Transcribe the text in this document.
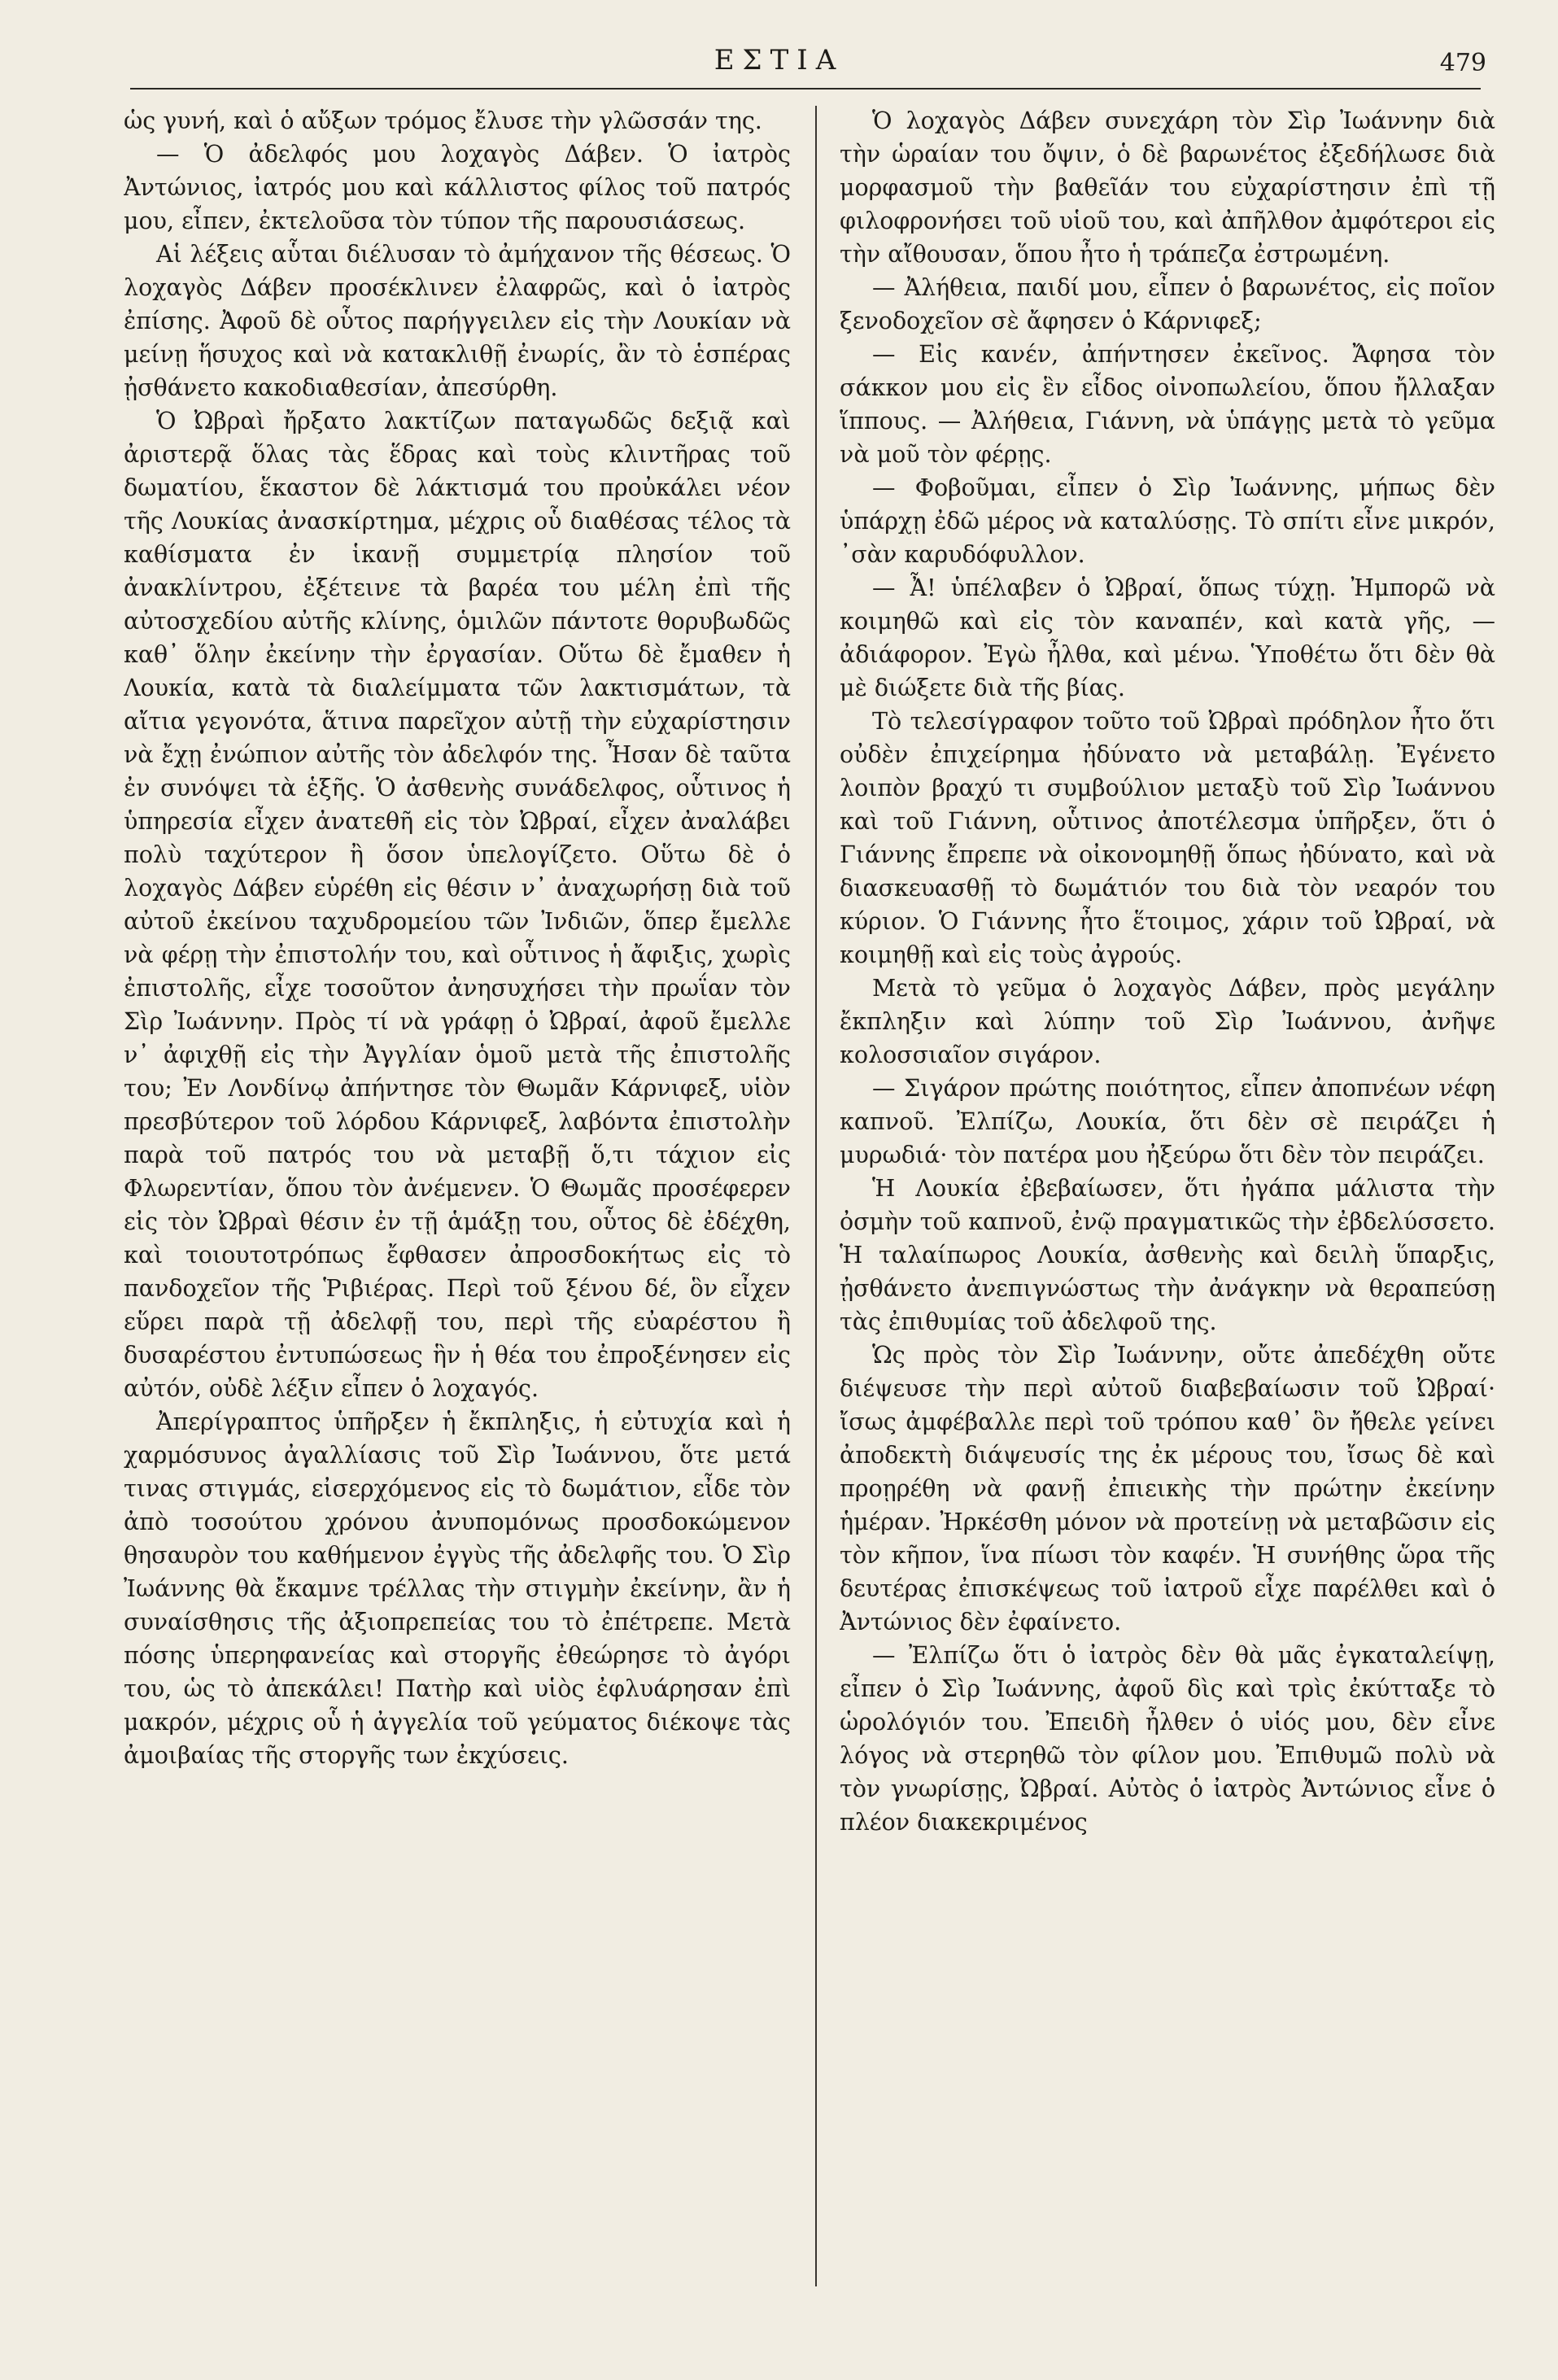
ΕΣΤΙΑ	479

ὡς γυνή, καὶ ὁ αὔξων τρόμος ἔλυσε τὴν γλῶσσάν της.

— Ὁ ἀδελφός μου λοχαγὸς Δάβεν. Ὁ ἰατρὸς Ἀντώνιος, ἰατρός μου καὶ κάλλιστος φίλος τοῦ πατρός μου, εἶπεν, ἐκτελοῦσα τὸν τύπον τῆς παρουσιάσεως.

Αἱ λέξεις αὗται διέλυσαν τὸ ἀμήχανον τῆς θέσεως. Ὁ λοχαγὸς Δάβεν προσέκλινεν ἐλαφρῶς, καὶ ὁ ἰατρὸς ἐπίσης. Ἀφοῦ δὲ οὗτος παρήγγειλεν εἰς τὴν Λουκίαν νὰ μείνῃ ἥσυχος καὶ νὰ κατακλιθῇ ἐνωρίς, ἂν τὸ ἑσπέρας ᾐσθάνετο κακοδιαθεσίαν, ἀπεσύρθη.

Ὁ Ὠβραὶ ἤρξατο λακτίζων παταγωδῶς δεξιᾷ καὶ ἀριστερᾷ ὅλας τὰς ἕδρας καὶ τοὺς κλιντῆρας τοῦ δωματίου, ἕκαστον δὲ λάκτισμά του προὐκάλει νέον τῆς Λουκίας ἀνασκίρτημα, μέχρις οὗ διαθέσας τέλος τὰ καθίσματα ἐν ἱκανῇ συμμετρίᾳ πλησίον τοῦ ἀνακλίντρου, ἐξέτεινε τὰ βαρέα του μέλη ἐπὶ τῆς αὐτοσχεδίου αὐτῆς κλίνης, ὁμιλῶν πάντοτε θορυβωδῶς καθ᾽ ὅλην ἐκείνην τὴν ἐργασίαν. Οὕτω δὲ ἔμαθεν ἡ Λουκία, κατὰ τὰ διαλείμματα τῶν λακτισμάτων, τὰ αἴτια γεγονότα, ἅτινα παρεῖχον αὐτῇ τὴν εὐχαρίστησιν νὰ ἔχῃ ἐνώπιον αὐτῆς τὸν ἀδελφόν της. Ἦσαν δὲ ταῦτα ἐν συνόψει τὰ ἑξῆς. Ὁ ἀσθενὴς συνάδελφος, οὗτινος ἡ ὑπηρεσία εἶχεν ἀνατεθῆ εἰς τὸν Ὠβραί, εἶχεν ἀναλάβει πολὺ ταχύτερον ἢ ὅσον ὑπελογίζετο. Οὕτω δὲ ὁ λοχαγὸς Δάβεν εὑρέθη εἰς θέσιν ν᾽ ἀναχωρήσῃ διὰ τοῦ αὐτοῦ ἐκείνου ταχυδρομείου τῶν Ἰνδιῶν, ὅπερ ἔμελλε νὰ φέρῃ τὴν ἐπιστολήν του, καὶ οὗτινος ἡ ἄφιξις, χωρὶς ἐπιστολῆς, εἶχε τοσοῦτον ἀνησυχήσει τὴν πρωΐαν τὸν Σὶρ Ἰωάννην. Πρὸς τί νὰ γράφῃ ὁ Ὠβραί, ἀφοῦ ἔμελλε ν᾽ ἀφιχθῇ εἰς τὴν Ἀγγλίαν ὁμοῦ μετὰ τῆς ἐπιστολῆς του; Ἐν Λονδίνῳ ἀπήντησε τὸν Θωμᾶν Κάρνιφεξ, υἱὸν πρεσβύτερον τοῦ λόρδου Κάρνιφεξ, λαβόντα ἐπιστολὴν παρὰ τοῦ πατρός του νὰ μεταβῇ ὅ,τι τάχιον εἰς Φλωρεντίαν, ὅπου τὸν ἀνέμενεν. Ὁ Θωμᾶς προσέφερεν εἰς τὸν Ὠβραὶ θέσιν ἐν τῇ ἁμάξῃ του, οὗτος δὲ ἐδέχθη, καὶ τοιουτοτρόπως ἔφθασεν ἀπροσδοκήτως εἰς τὸ πανδοχεῖον τῆς Ῥιβιέρας. Περὶ τοῦ ξένου δέ, ὃν εἶχεν εὕρει παρὰ τῇ ἀδελφῇ του, περὶ τῆς εὐαρέστου ἢ δυσαρέστου ἐντυπώσεως ἣν ἡ θέα του ἐπροξένησεν εἰς αὐτόν, οὐδὲ λέξιν εἶπεν ὁ λοχαγός.

Ἀπερίγραπτος ὑπῆρξεν ἡ ἔκπληξις, ἡ εὐτυχία καὶ ἡ χαρμόσυνος ἀγαλλίασις τοῦ Σὶρ Ἰωάννου, ὅτε μετά τινας στιγμάς, εἰσερχόμενος εἰς τὸ δωμάτιον, εἶδε τὸν ἀπὸ τοσούτου χρόνου ἀνυπομόνως προσδοκώμενον θησαυρὸν του καθήμενον ἐγγὺς τῆς ἀδελφῆς του. Ὁ Σὶρ Ἰωάννης θὰ ἔκαμνε τρέλλας τὴν στιγμὴν ἐκείνην, ἂν ἡ συναίσθησις τῆς ἀξιοπρεπείας του τὸ ἐπέτρεπε. Μετὰ πόσης ὑπερηφανείας καὶ στοργῆς ἐθεώρησε τὸ ἀγόρι του, ὡς τὸ ἀπεκάλει! Πατὴρ καὶ υἱὸς ἐφλυάρησαν ἐπὶ μακρόν, μέχρις οὗ ἡ ἀγγελία τοῦ γεύματος διέκοψε τὰς ἀμοιβαίας τῆς στοργῆς των ἐκχύσεις.

Ὁ λοχαγὸς Δάβεν συνεχάρη τὸν Σὶρ Ἰωάννην διὰ τὴν ὡραίαν του ὄψιν, ὁ δὲ βαρωνέτος ἐξεδήλωσε διὰ μορφασμοῦ τὴν βαθεῖάν του εὐχαρίστησιν ἐπὶ τῇ φιλοφρονήσει τοῦ υἱοῦ του, καὶ ἀπῆλθον ἀμφότεροι εἰς τὴν αἴθουσαν, ὅπου ἦτο ἡ τράπεζα ἐστρωμένη.

— Ἀλήθεια, παιδί μου, εἶπεν ὁ βαρωνέτος, εἰς ποῖον ξενοδοχεῖον σὲ ἄφησεν ὁ Κάρνιφεξ;

— Εἰς κανέν, ἀπήντησεν ἐκεῖνος. Ἄφησα τὸν σάκκον μου εἰς ἓν εἶδος οἰνοπωλείου, ὅπου ἤλλαξαν ἵππους. — Ἀλήθεια, Γιάννη, νὰ ὑπάγῃς μετὰ τὸ γεῦμα νὰ μοῦ τὸν φέρῃς.

— Φοβοῦμαι, εἶπεν ὁ Σὶρ Ἰωάννης, μήπως δὲν ὑπάρχῃ ἐδῶ μέρος νὰ καταλύσῃς. Τὸ σπίτι εἶνε μικρόν, ᾽σὰν καρυδόφυλλον.

— Ἆ! ὑπέλαβεν ὁ Ὠβραί, ὅπως τύχῃ. Ἠμπορῶ νὰ κοιμηθῶ καὶ εἰς τὸν καναπέν, καὶ κατὰ γῆς, — ἀδιάφορον. Ἐγὼ ἦλθα, καὶ μένω. Ὑποθέτω ὅτι δὲν θὰ μὲ διώξετε διὰ τῆς βίας.

Τὸ τελεσίγραφον τοῦτο τοῦ Ὠβραὶ πρόδηλον ἦτο ὅτι οὐδὲν ἐπιχείρημα ἠδύνατο νὰ μεταβάλῃ. Ἐγένετο λοιπὸν βραχύ τι συμβούλιον μεταξὺ τοῦ Σὶρ Ἰωάννου καὶ τοῦ Γιάννη, οὗτινος ἀποτέλεσμα ὑπῆρξεν, ὅτι ὁ Γιάννης ἔπρεπε νὰ οἰκονομηθῇ ὅπως ἠδύνατο, καὶ νὰ διασκευασθῇ τὸ δωμάτιόν του διὰ τὸν νεαρόν του κύριον. Ὁ Γιάννης ἦτο ἕτοιμος, χάριν τοῦ Ὠβραί, νὰ κοιμηθῇ καὶ εἰς τοὺς ἀγρούς.

Μετὰ τὸ γεῦμα ὁ λοχαγὸς Δάβεν, πρὸς μεγάλην ἔκπληξιν καὶ λύπην τοῦ Σὶρ Ἰωάννου, ἀνῆψε κολοσσιαῖον σιγάρον.

— Σιγάρον πρώτης ποιότητος, εἶπεν ἀποπνέων νέφη καπνοῦ. Ἐλπίζω, Λουκία, ὅτι δὲν σὲ πειράζει ἡ μυρωδιά· τὸν πατέρα μου ἠξεύρω ὅτι δὲν τὸν πειράζει.

Ἡ Λουκία ἐβεβαίωσεν, ὅτι ἠγάπα μάλιστα τὴν ὀσμὴν τοῦ καπνοῦ, ἐνῷ πραγματικῶς τὴν ἐβδελύσσετο. Ἡ ταλαίπωρος Λουκία, ἀσθενὴς καὶ δειλὴ ὕπαρξις, ᾐσθάνετο ἀνεπιγνώστως τὴν ἀνάγκην νὰ θεραπεύσῃ τὰς ἐπιθυμίας τοῦ ἀδελφοῦ της.

Ὡς πρὸς τὸν Σὶρ Ἰωάννην, οὔτε ἀπεδέχθη οὔτε διέψευσε τὴν περὶ αὐτοῦ διαβεβαίωσιν τοῦ Ὠβραί· ἴσως ἀμφέβαλλε περὶ τοῦ τρόπου καθ᾽ ὃν ἤθελε γείνει ἀποδεκτὴ διάψευσίς της ἐκ μέρους του, ἴσως δὲ καὶ προῃρέθη νὰ φανῇ ἐπιεικὴς τὴν πρώτην ἐκείνην ἡμέραν. Ἠρκέσθη μόνον νὰ προτείνῃ νὰ μεταβῶσιν εἰς τὸν κῆπον, ἵνα πίωσι τὸν καφέν. Ἡ συνήθης ὥρα τῆς δευτέρας ἐπισκέψεως τοῦ ἰατροῦ εἶχε παρέλθει καὶ ὁ Ἀντώνιος δὲν ἐφαίνετο.

— Ἐλπίζω ὅτι ὁ ἰατρὸς δὲν θὰ μᾶς ἐγκαταλείψῃ, εἶπεν ὁ Σὶρ Ἰωάννης, ἀφοῦ δὶς καὶ τρὶς ἐκύτταξε τὸ ὡρολόγιόν του. Ἐπειδὴ ἦλθεν ὁ υἱός μου, δὲν εἶνε λόγος νὰ στερηθῶ τὸν φίλον μου. Ἐπιθυμῶ πολὺ νὰ τὸν γνωρίσῃς, Ὠβραί. Αὐτὸς ὁ ἰατρὸς Ἀντώνιος εἶνε ὁ πλέον διακεκριμένος
